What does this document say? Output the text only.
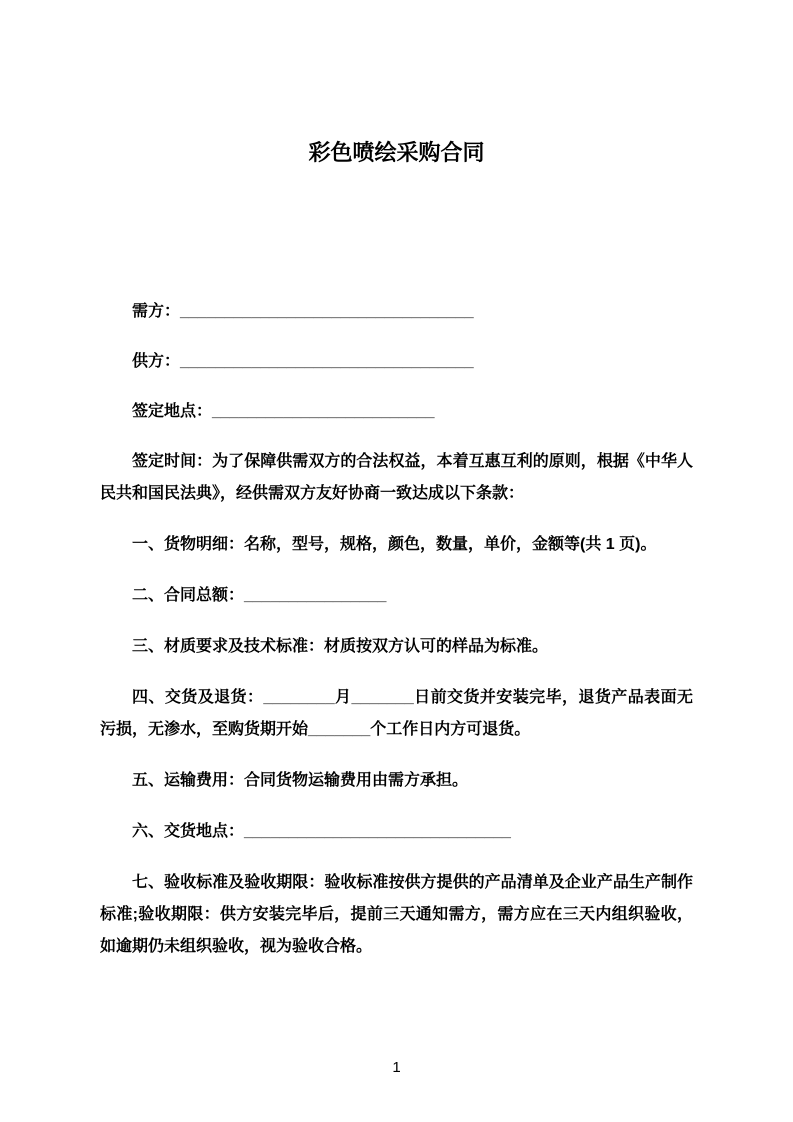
彩色喷绘采购合同

需方：_________________________________

供方：_________________________________

签定地点：_________________________

签定时间：为了保障供需双方的合法权益，本着互惠互利的原则，根据《中华人民共和国民法典》，经供需双方友好协商一致达成以下条款：

一、货物明细：名称，型号，规格，颜色，数量，单价，金额等(共 1 页)。

二、合同总额：________________

三、材质要求及技术标准：材质按双方认可的样品为标准。

四、交货及退货：________月_______日前交货并安装完毕，退货产品表面无污损，无渗水，至购货期开始_______个工作日内方可退货。

五、运输费用：合同货物运输费用由需方承担。

六、交货地点：______________________________

七、验收标准及验收期限：验收标准按供方提供的产品清单及企业产品生产制作标准;验收期限：供方安装完毕后，提前三天通知需方，需方应在三天内组织验收，如逾期仍未组织验收，视为验收合格。

1
